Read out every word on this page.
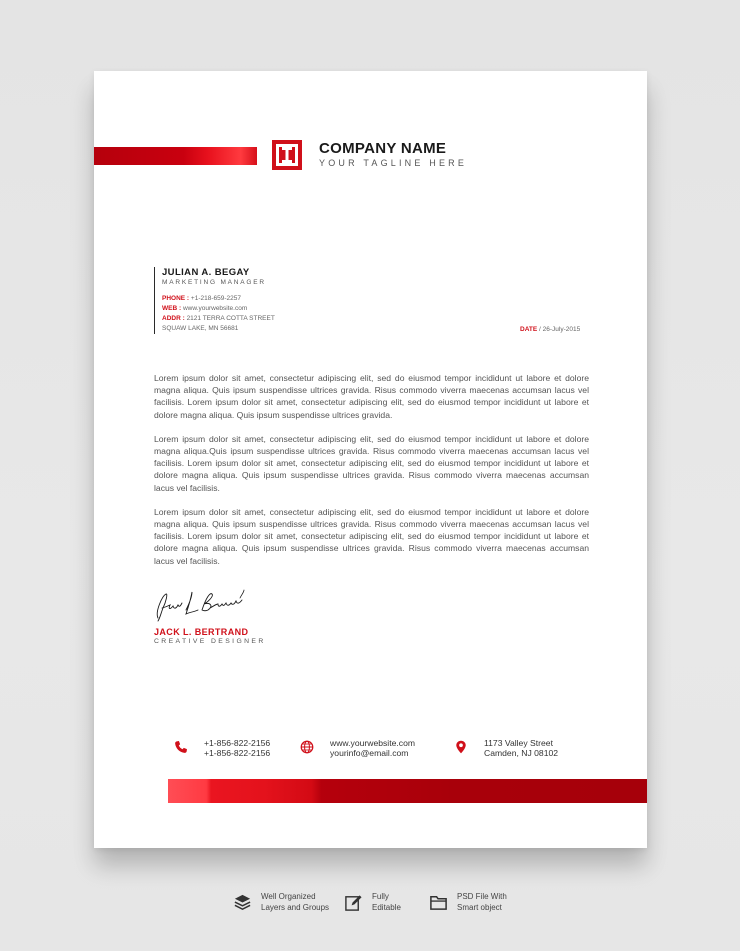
COMPANY NAME
YOUR TAGLINE HERE
JULIAN A. BEGAY
MARKETING MANAGER
PHONE : +1-218-659-2257
WEB : www.yourwebsite.com
ADDR : 2121 TERRA COTTA STREET
SQUAW LAKE, MN 56681	DATE / 26-July-2015

Lorem ipsum dolor sit amet, consectetur adipiscing elit, sed do eiusmod tempor incididunt ut labore et dolore magna aliqua. Quis ipsum suspendisse ultrices gravida. Risus commodo viverra maecenas accumsan lacus vel facilisis. Lorem ipsum dolor sit amet, consectetur adipiscing elit, sed do eiusmod tempor incididunt ut labore et dolore magna aliqua. Quis ipsum suspendisse ultrices gravida.

Lorem ipsum dolor sit amet, consectetur adipiscing elit, sed do eiusmod tempor incididunt ut labore et dolore magna aliqua.Quis ipsum suspendisse ultrices gravida. Risus commodo viverra maecenas accumsan lacus vel facilisis. Lorem ipsum dolor sit amet, consectetur adipiscing elit, sed do eiusmod tempor incididunt ut labore et dolore magna aliqua. Quis ipsum suspendisse ultrices gravida. Risus commodo viverra maecenas accumsan lacus vel facilisis.

Lorem ipsum dolor sit amet, consectetur adipiscing elit, sed do eiusmod tempor incididunt ut labore et dolore magna aliqua. Quis ipsum suspendisse ultrices gravida. Risus commodo viverra maecenas accumsan lacus vel facilisis. Lorem ipsum dolor sit amet, consectetur adipiscing elit, sed do eiusmod tempor incididunt ut labore et dolore magna aliqua. Quis ipsum suspendisse ultrices gravida. Risus commodo viverra maecenas accumsan lacus vel facilisis.

JACK L. BERTRAND
CREATIVE DESIGNER
+1-856-822-2156
+1-856-822-2156
www.yourwebsite.com
yourinfo@email.com
1173 Valley Street
Camden, NJ 08102
Well Organized
Layers and Groups
Fully
Editable
PSD File With
Smart object
